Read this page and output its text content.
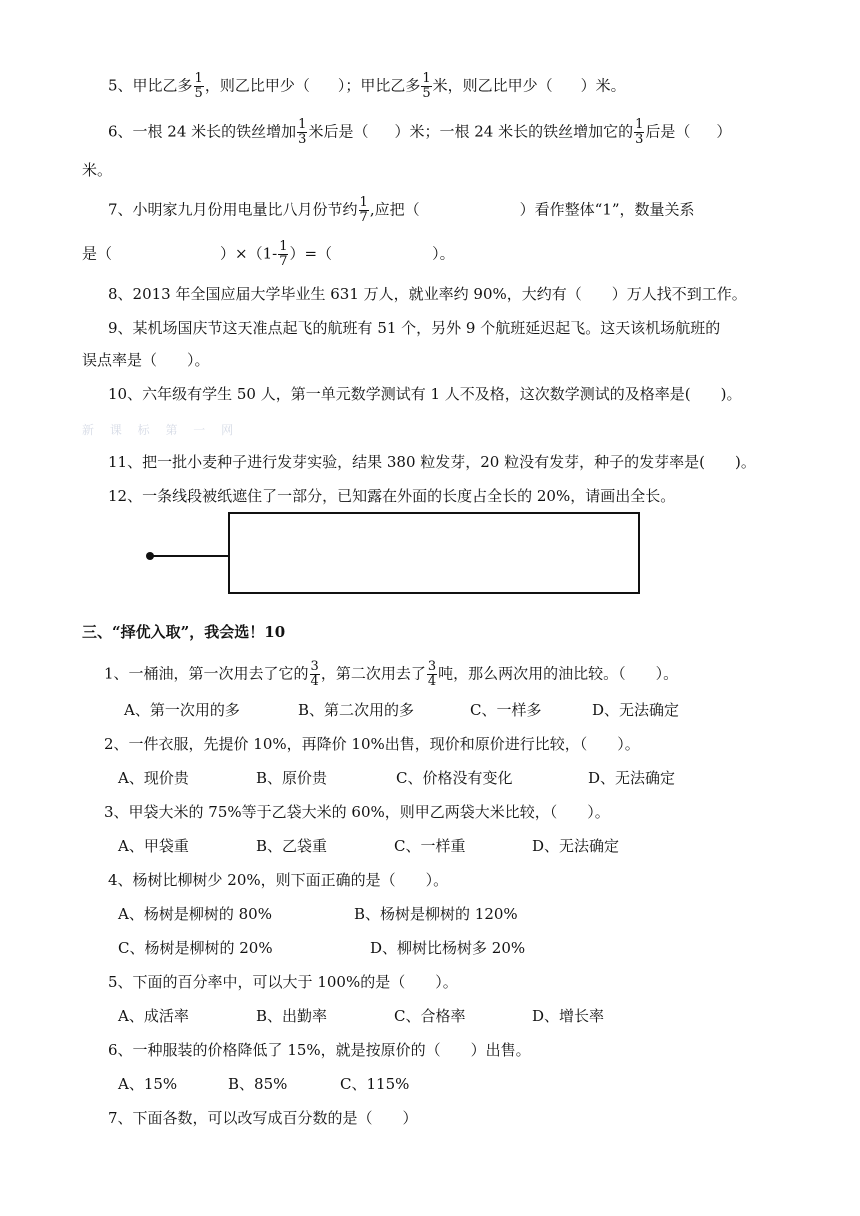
5、甲比乙多 $\frac{1}{5}$ ，则乙比甲少（ ）；甲比乙多 $\frac{1}{5}$ 米，则乙比甲少（ ）米。
6、一根 24 米长的铁丝增加 $\frac{1}{3}$ 米后是（ ）米；一根 24 米长的铁丝增加它的 $\frac{1}{3}$ 后是（ ）
米。
7、小明家九月份用电量比八月份节约 $\frac{1}{7}$ ,应把（	）看作整体“1”，数量关系
是（	）$\times(1- \frac{1}{7}$ ）=（	）。
8、2013 年全国应届大学毕业生 631 万人，就业率约 90%，大约有（　　）万人找不到工作。
9、某机场国庆节这天准点起飞的航班有 51 个，另外 9 个航班延迟起飞。这天该机场航班的
误点率是（　　）。
10、六年级有学生 50 人，第一单元数学测试有 1 人不及格，这次数学测试的及格率是(　　)。
新 课 标 第 一 网
11、把一批小麦种子进行发芽实验，结果 380 粒发芽，20 粒没有发芽，种子的发芽率是(　　)。
12、一条线段被纸遮住了一部分，已知露在外面的长度占全长的 20%，请画出全长。
三、“择优入取”，我会选！10
1、一桶油，第一次用去了它的 $\frac{3}{4}$ ，第二次用去了 $\frac{3}{4}$ 吨，那么两次用的油比较。（　　）。
A、第一次用的多	B、第二次用的多	C、一样多	D、无法确定
2、一件衣服，先提价 10%，再降价 10%出售，现价和原价进行比较，（　　）。
A、现价贵	B、原价贵	C、价格没有变化	D、无法确定
3、甲袋大米的 75%等于乙袋大米的 60%，则甲乙两袋大米比较，（　　）。
A、甲袋重	B、乙袋重	C、一样重	D、无法确定
4、杨树比柳树少 20%，则下面正确的是（　　）。
A、杨树是柳树的 80%	B、杨树是柳树的 120%
C、杨树是柳树的 20%	D、柳树比杨树多 20%
5、下面的百分率中，可以大于 100%的是（　　）。
A、成活率	B、出勤率	C、合格率	D、增长率
6、一种服装的价格降低了 15%，就是按原价的（　　）出售。
A、15%	B、85%	C、115%
7、下面各数，可以改写成百分数的是（　　）
